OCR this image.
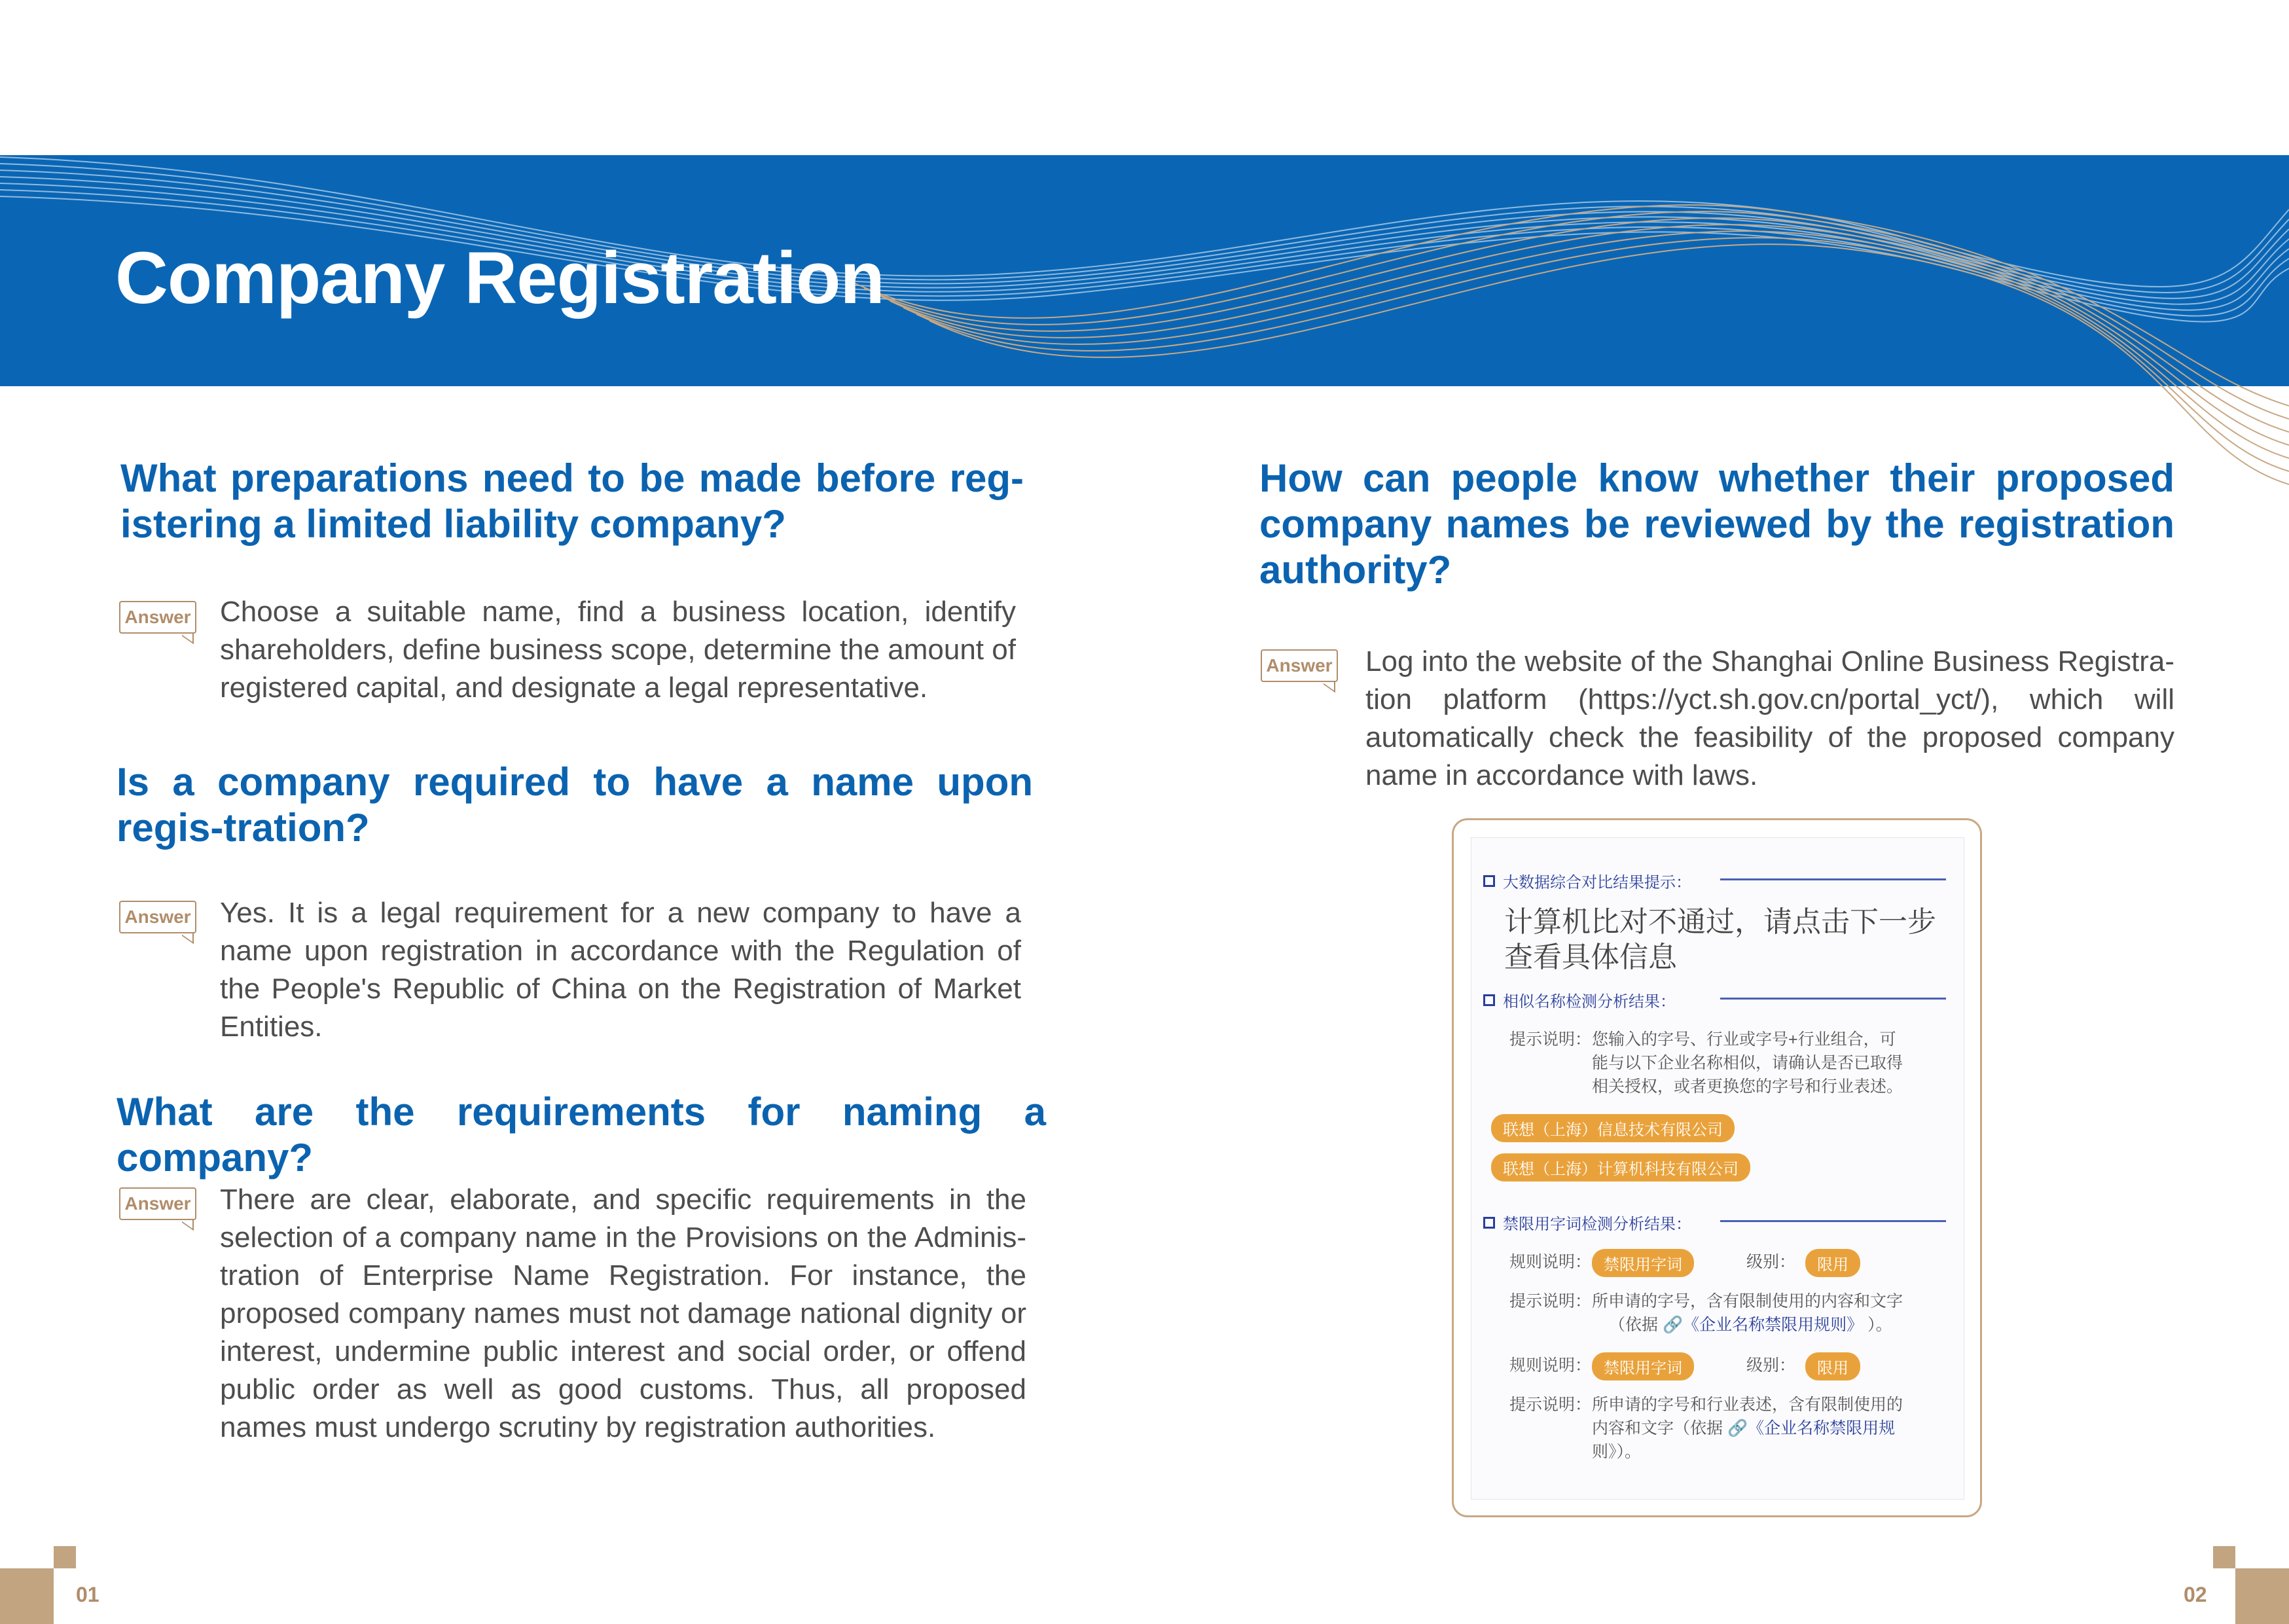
Company Registration
What preparations need to be made before reg-istering a limited liability company?
Answer Choose a suitable name, find a business location, identify shareholders, define business scope, determine the amount of registered capital, and designate a legal representative.

Is a company required to have a name upon regis-tration?
Answer Yes. It is a legal requirement for a new company to have a name upon registration in accordance with the Regulation of the People's Republic of China on the Registration of Market Entities.

What are the requirements for naming a company?
Answer There are clear, elaborate, and specific requirements in the selection of a company name in the Provisions on the Adminis-tration of Enterprise Name Registration. For instance, the proposed company names must not damage national dignity or interest, undermine public interest and social order, or offend public order as well as good customs. Thus, all proposed names must undergo scrutiny by registration authorities.

How can people know whether their proposed company names be reviewed by the registration authority?
Answer Log into the website of the Shanghai Online Business Registra-tion platform (https://yct.sh.gov.cn/portal_yct/), which will automatically check the feasibility of the proposed company name in accordance with laws.

大数据综合对比结果提示：
计算机比对不通过，请点击下一步查看具体信息
相似名称检测分析结果：
提示说明： 您输入的字号、行业或字号+行业组合，可
能与以下企业名称相似，请确认是否已取得
相关授权，或者更换您的字号和行业表述。
联想（上海）信息技术有限公司
联想（上海）计算机科技有限公司
禁限用字词检测分析结果：
规则说明： 禁限用字词	级别：	限用
提示说明： 所申请的字号，含有限制使用的内容和文字
（依据 🔗《企业名称禁限用规则》 ）。
规则说明： 禁限用字词	级别：	限用
提示说明： 所申请的字号和行业表述，含有限制使用的
内容和文字（依据 🔗《企业名称禁限用规
则》）。
01	02
